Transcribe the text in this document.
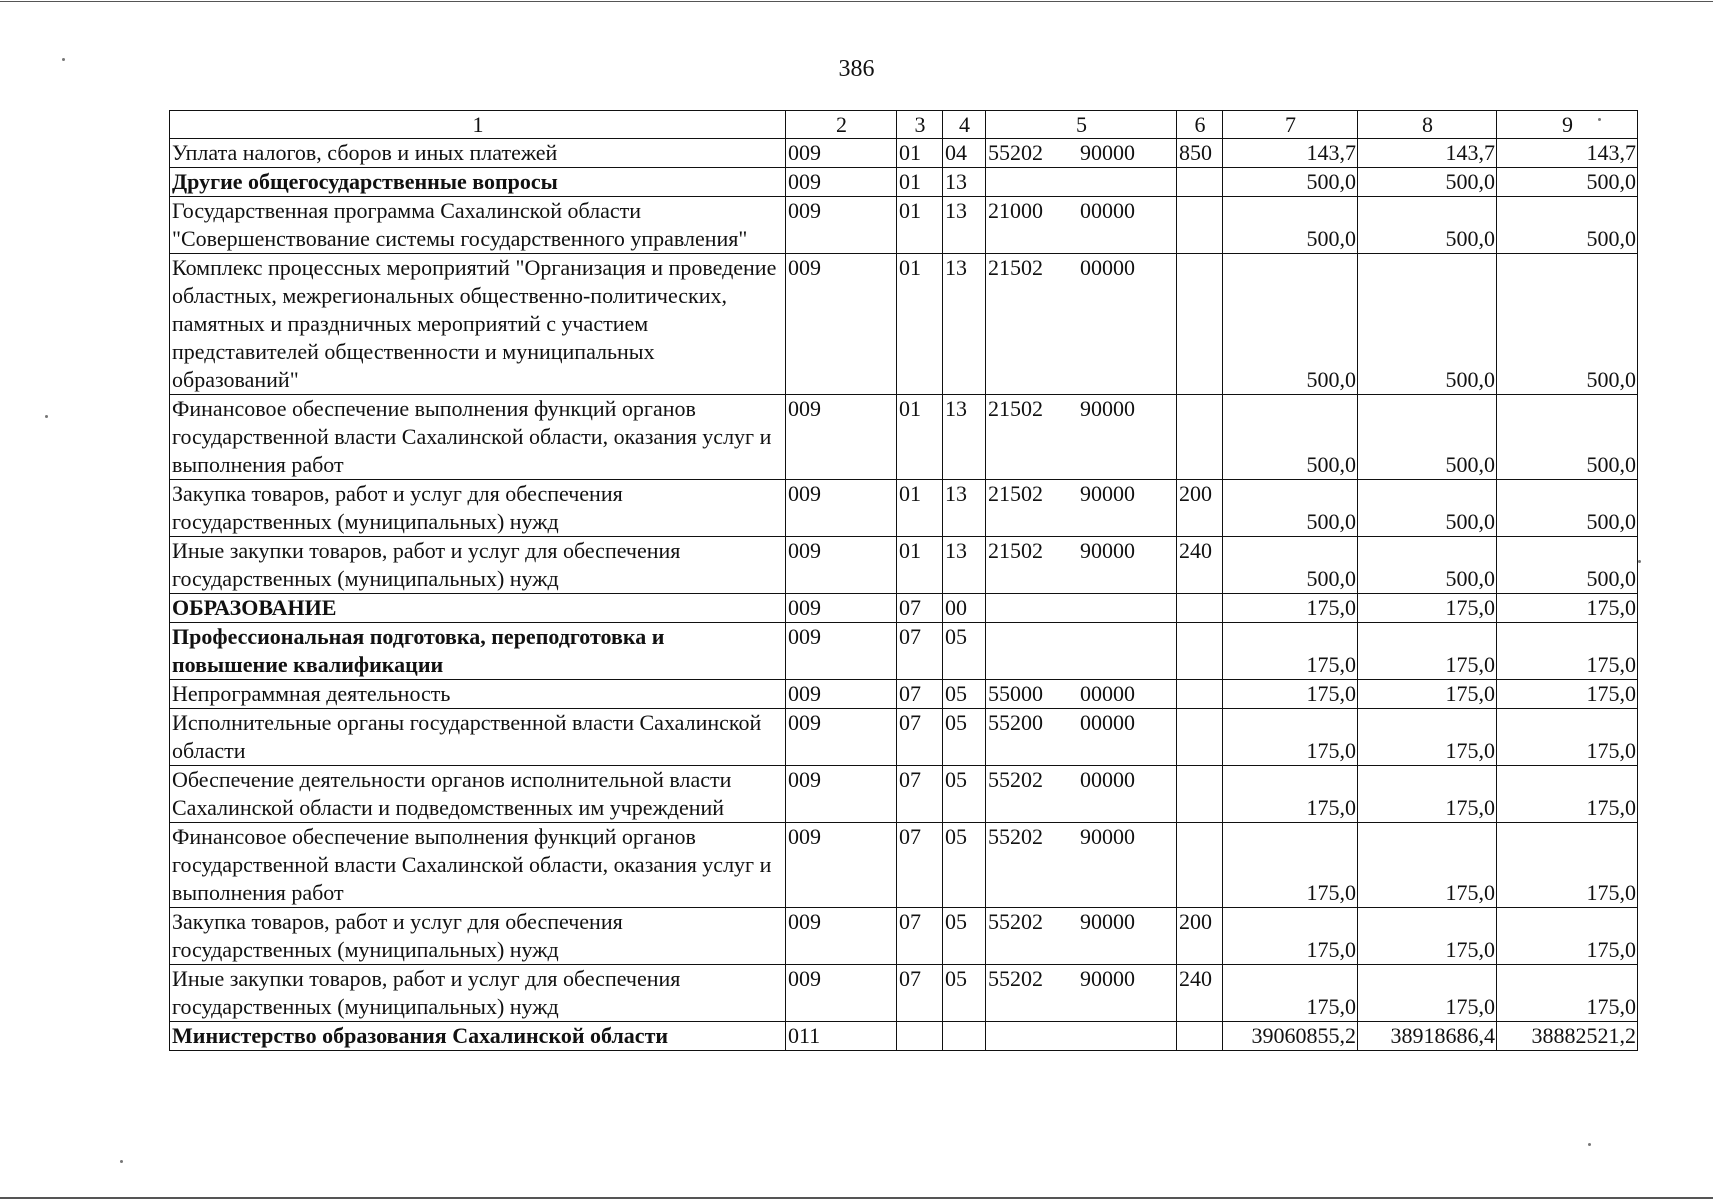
386
1	2	3	4	5	6	7	8	9
Уплата налогов, сборов и иных платежей	009	01	04	55202 90000	850	143,7	143,7	143,7
Другие общегосударственные вопросы	009	01	13			500,0	500,0	500,0
Государственная программа Сахалинской области "Совершенствование системы государственного управления"	009	01	13	21000 00000		500,0	500,0	500,0
Комплекс процессных мероприятий "Организация и проведение областных, межрегиональных общественно-политических, памятных и праздничных мероприятий с участием представителей общественности и муниципальных образований"	009	01	13	21502 00000		500,0	500,0	500,0
Финансовое обеспечение выполнения функций органов государственной власти Сахалинской области, оказания услуг и выполнения работ	009	01	13	21502 90000		500,0	500,0	500,0
Закупка товаров, работ и услуг для обеспечения государственных (муниципальных) нужд	009	01	13	21502 90000	200	500,0	500,0	500,0
Иные закупки товаров, работ и услуг для обеспечения государственных (муниципальных) нужд	009	01	13	21502 90000	240	500,0	500,0	500,0
ОБРАЗОВАНИЕ	009	07	00			175,0	175,0	175,0
Профессиональная подготовка, переподготовка и повышение квалификации	009	07	05			175,0	175,0	175,0
Непрограммная деятельность	009	07	05	55000 00000		175,0	175,0	175,0
Исполнительные органы государственной власти Сахалинской области	009	07	05	55200 00000		175,0	175,0	175,0
Обеспечение деятельности органов исполнительной власти Сахалинской области и подведомственных им учреждений	009	07	05	55202 00000		175,0	175,0	175,0
Финансовое обеспечение выполнения функций органов государственной власти Сахалинской области, оказания услуг и выполнения работ	009	07	05	55202 90000		175,0	175,0	175,0
Закупка товаров, работ и услуг для обеспечения государственных (муниципальных) нужд	009	07	05	55202 90000	200	175,0	175,0	175,0
Иные закупки товаров, работ и услуг для обеспечения государственных (муниципальных) нужд	009	07	05	55202 90000	240	175,0	175,0	175,0
Министерство образования Сахалинской области	011					39060855,2	38918686,4	38882521,2
